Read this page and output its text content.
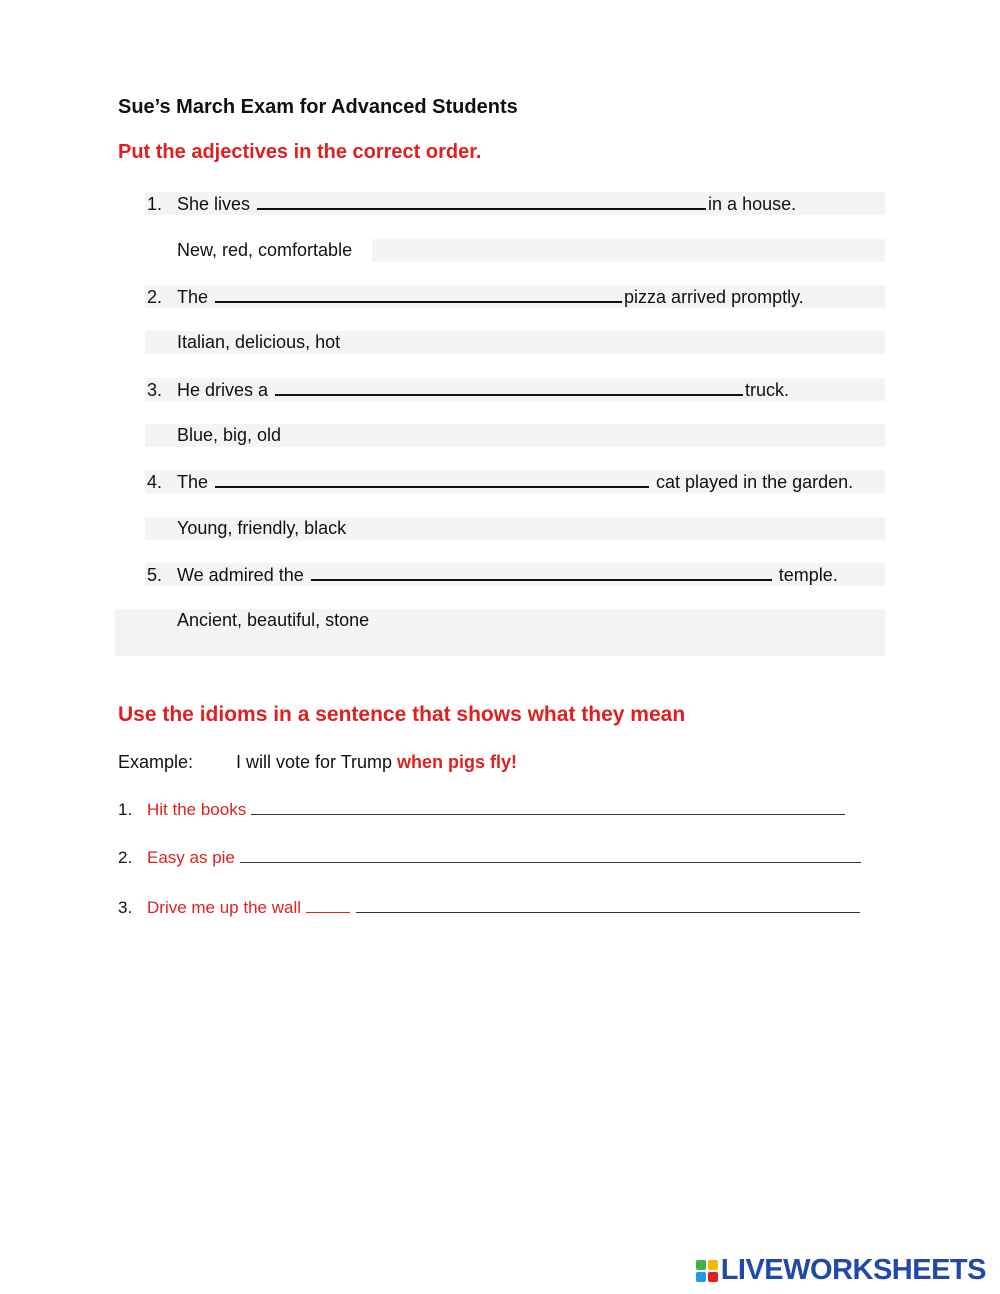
Sue’s March Exam for Advanced Students
Put the adjectives in the correct order.
1. She lives	in a house.
New, red, comfortable
2. The	pizza arrived promptly.
Italian, delicious, hot
3. He drives a	truck.
Blue, big, old
4. The	cat played in the garden.
Young, friendly, black
5. We admired the	temple.
Ancient, beautiful, stone
Use the idioms in a sentence that shows what they mean
Example: I will vote for Trump when pigs fly!
1. Hit the books
2. Easy as pie
3. Drive me up the wall
LIVEWORKSHEETS
